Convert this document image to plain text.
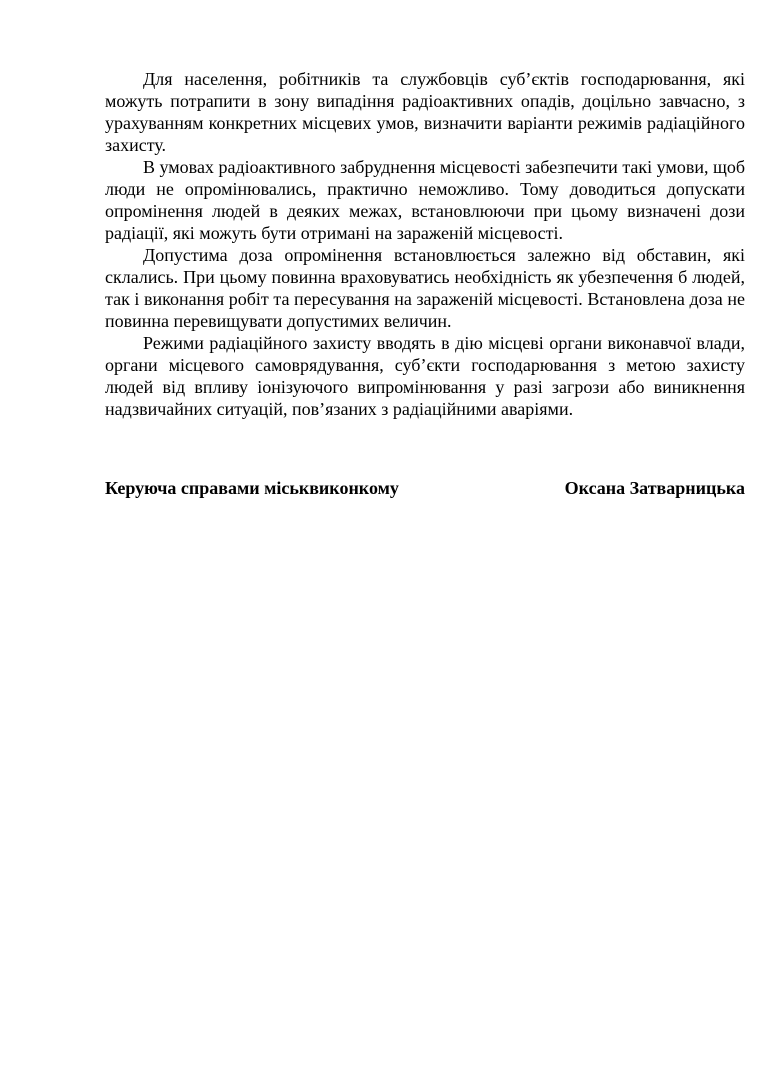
Для населення, робітників та службовців суб’єктів господарювання, які можуть потрапити в зону випадіння радіоактивних опадів, доцільно завчасно, з урахуванням конкретних місцевих умов, визначити варіанти режимів радіаційного захисту.

В умовах радіоактивного забруднення місцевості забезпечити такі умови, щоб люди не опромінювались, практично неможливо. Тому доводиться допускати опромінення людей в деяких межах, встановлюючи при цьому визначені дози радіації, які можуть бути отримані на зараженій місцевості.

Допустима доза опромінення встановлюється залежно від обставин, які склались. При цьому повинна враховуватись необхідність як убезпечення б людей, так і виконання робіт та пересування на зараженій місцевості. Встановлена доза не повинна перевищувати допустимих величин.

Режими радіаційного захисту вводять в дію місцеві органи виконавчої влади, органи місцевого самоврядування, суб’єкти господарювання з метою захисту людей від впливу іонізуючого випромінювання у разі загрози або виникнення надзвичайних ситуацій, пов’язаних з радіаційними аваріями.

Керуюча справами міськвиконкому	Оксана Затварницька
